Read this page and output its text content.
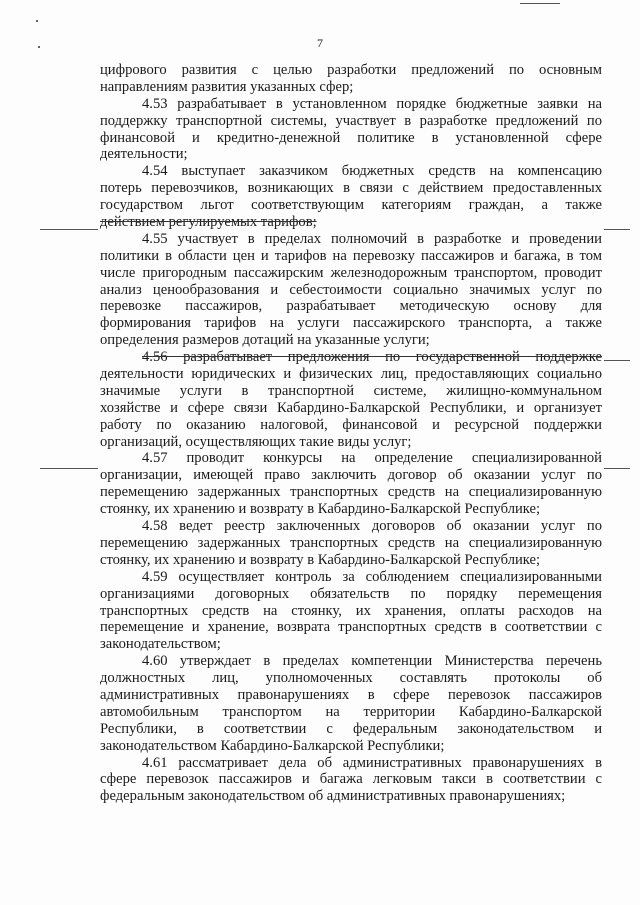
7
цифрового развития с целью разработки предложений по основным
направлениям развития указанных сфер;
4.53 разрабатывает в установленном порядке бюджетные заявки на
поддержку транспортной системы, участвует в разработке предложений по
финансовой и кредитно-денежной политике в установленной сфере
деятельности;
4.54 выступает заказчиком бюджетных средств на компенсацию
потерь перевозчиков, возникающих в связи с действием предоставленных
государством льгот соответствующим категориям граждан, а также
действием регулируемых тарифов;
4.55 участвует в пределах полномочий в разработке и проведении
политики в области цен и тарифов на перевозку пассажиров и багажа, в том
числе пригородным пассажирским железнодорожным транспортом, проводит
анализ ценообразования и себестоимости социально значимых услуг по
перевозке пассажиров, разрабатывает методическую основу для
формирования тарифов на услуги пассажирского транспорта, а также
определения размеров дотаций на указанные услуги;
4.56 разрабатывает предложения по государственной поддержке
деятельности юридических и физических лиц, предоставляющих социально
значимые услуги в транспортной системе, жилищно-коммунальном
хозяйстве и сфере связи Кабардино-Балкарской Республики, и организует
работу по оказанию налоговой, финансовой и ресурсной поддержки
организаций, осуществляющих такие виды услуг;
4.57 проводит конкурсы на определение специализированной
организации, имеющей право заключить договор об оказании услуг по
перемещению задержанных транспортных средств на специализированную
стоянку, их хранению и возврату в Кабардино-Балкарской Республике;
4.58 ведет реестр заключенных договоров об оказании услуг по
перемещению задержанных транспортных средств на специализированную
стоянку, их хранению и возврату в Кабардино-Балкарской Республике;
4.59 осуществляет контроль за соблюдением специализированными
организациями договорных обязательств по порядку перемещения
транспортных средств на стоянку, их хранения, оплаты расходов на
перемещение и хранение, возврата транспортных средств в соответствии с
законодательством;
4.60 утверждает в пределах компетенции Министерства перечень
должностных лиц, уполномоченных составлять протоколы об
административных правонарушениях в сфере перевозок пассажиров
автомобильным транспортом на территории Кабардино-Балкарской
Республики, в соответствии с федеральным законодательством и
законодательством Кабардино-Балкарской Республики;
4.61 рассматривает дела об административных правонарушениях в
сфере перевозок пассажиров и багажа легковым такси в соответствии с
федеральным законодательством об административных правонарушениях;
